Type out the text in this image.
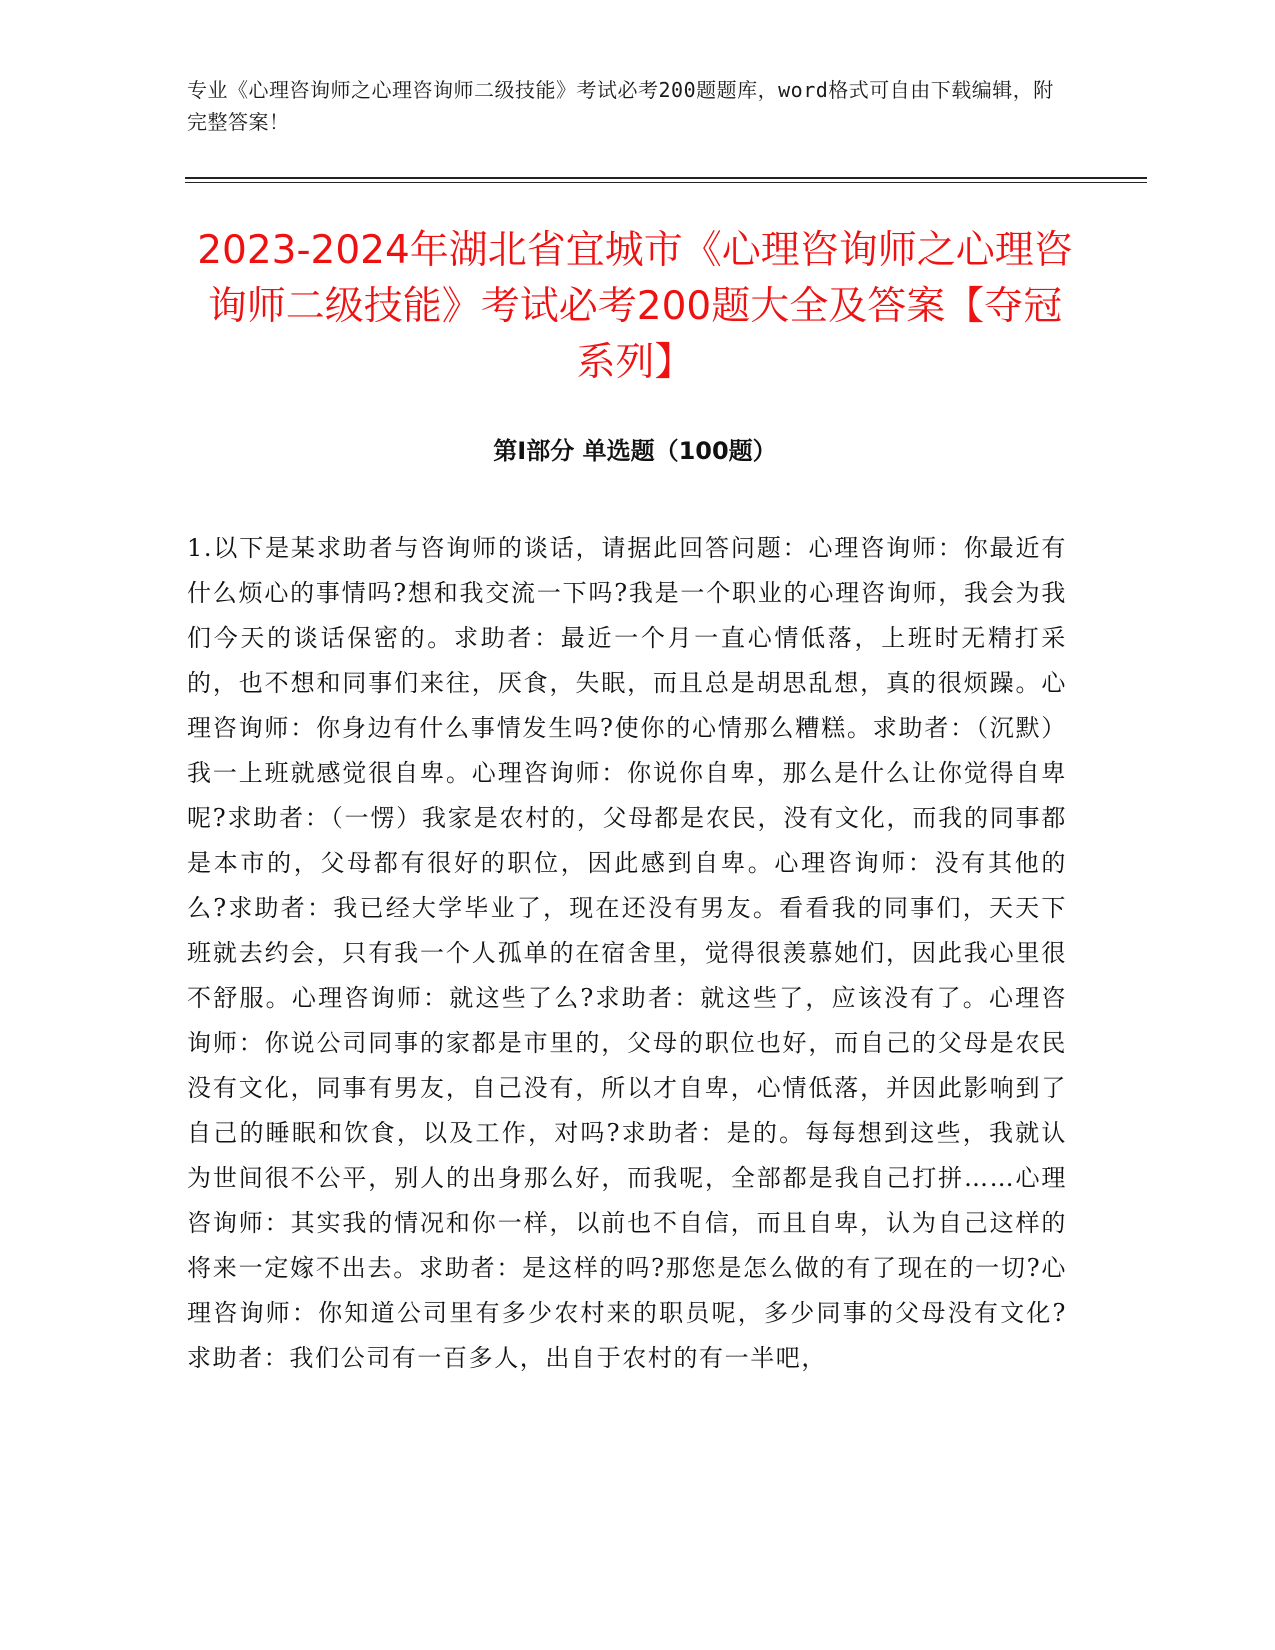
专业《心理咨询师之心理咨询师二级技能》考试必考200题题库，word格式可自由下载编辑，附完整答案！
2023-2024年湖北省宜城市《心理咨询师之心理咨询师二级技能》考试必考200题大全及答案【夺冠系列】
第Ⅰ部分 单选题（100题）

1.以下是某求助者与咨询师的谈话，请据此回答问题：心理咨询师：你最近有什么烦心的事情吗?想和我交流一下吗?我是一个职业的心理咨询师，我会为我们今天的谈话保密的。求助者：最近一个月一直心情低落，上班时无精打采的，也不想和同事们来往，厌食，失眠，而且总是胡思乱想，真的很烦躁。心理咨询师：你身边有什么事情发生吗?使你的心情那么糟糕。求助者：（沉默）我一上班就感觉很自卑。心理咨询师：你说你自卑，那么是什么让你觉得自卑呢?求助者：（一愣）我家是农村的，父母都是农民，没有文化，而我的同事都是本市的，父母都有很好的职位，因此感到自卑。心理咨询师：没有其他的么?求助者：我已经大学毕业了，现在还没有男友。看看我的同事们，天天下班就去约会，只有我一个人孤单的在宿舍里，觉得很羡慕她们，因此我心里很不舒服。心理咨询师：就这些了么?求助者：就这些了，应该没有了。心理咨询师：你说公司同事的家都是市里的，父母的职位也好，而自己的父母是农民没有文化，同事有男友，自己没有，所以才自卑，心情低落，并因此影响到了自己的睡眠和饮食，以及工作，对吗?求助者：是的。每每想到这些，我就认为世间很不公平，别人的出身那么好，而我呢，全部都是我自己打拼……心理咨询师：其实我的情况和你一样，以前也不自信，而且自卑，认为自己这样的将来一定嫁不出去。求助者：是这样的吗?那您是怎么做的有了现在的一切?心理咨询师：你知道公司里有多少农村来的职员呢，多少同事的父母没有文化?求助者：我们公司有一百多人，出自于农村的有一半吧，
